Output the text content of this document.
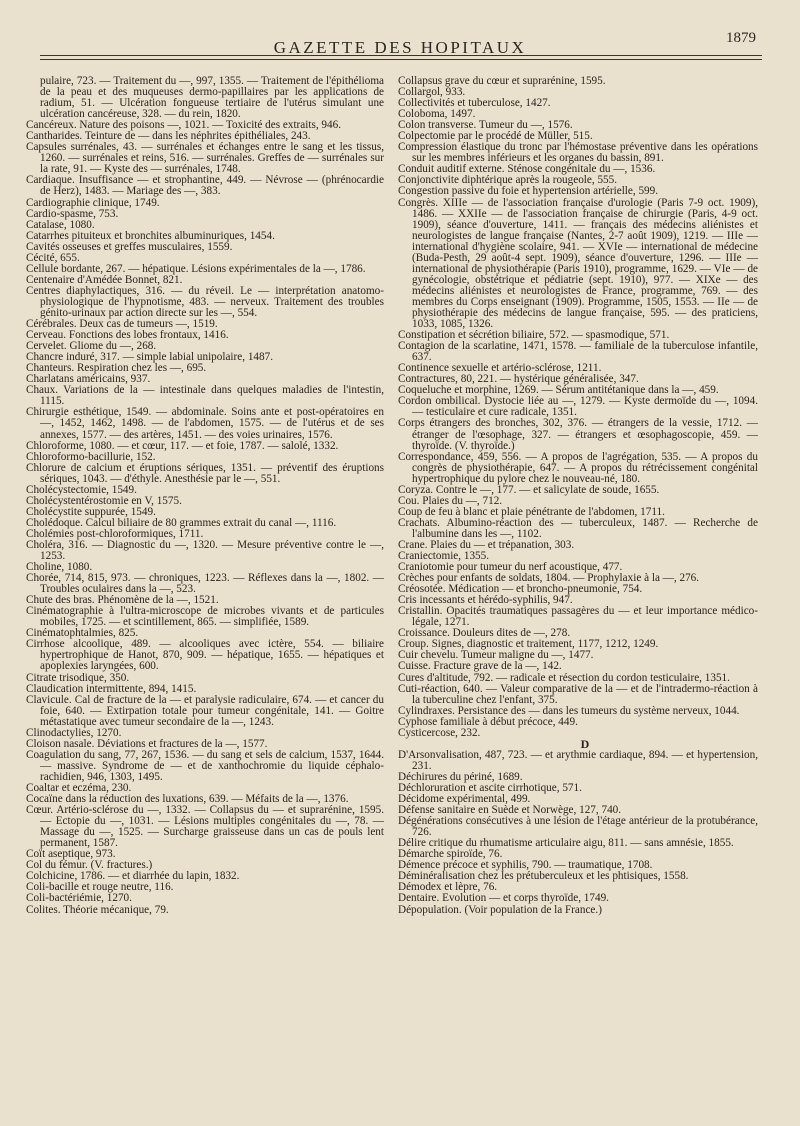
GAZETTE DES HOPITAUX	1879
pulaire, 723. — Traitement du —, 997, 1355. — Traitement de l'épithélioma de la peau et des muqueuses dermo-papillaires par les applications de radium, 51. — Ulcération fongueuse tertiaire de l'utérus simulant une ulcération cancéreuse, 328. — du rein, 1820.
Cancéreux. Nature des poisons —, 1021. — Toxicité des extraits, 946.
Cantharides. Teinture de — dans les néphrites épithéliales, 243.
Capsules surrénales, 43. — surrénales et échanges entre le sang et les tissus, 1260. — surrénales et reins, 516. — surrénales. Greffes de — surrénales sur la rate, 91. — Kyste des — surrénales, 1748.
Cardiaque. Insuffisance — et strophantine, 449. — Névrose — (phrénocardie de Herz), 1483. — Mariage des —, 383.
Cardiographie clinique, 1749.
Cardio-spasme, 753.
Catalase, 1080.
Catarrhes pituiteux et bronchites albuminuriques, 1454.
Cavités osseuses et greffes musculaires, 1559.
Cécité, 655.
Cellule bordante, 267. — hépatique. Lésions expérimentales de la —, 1786.
Centenaire d'Amédée Bonnet, 821.
Centres diaphylactiques, 316. — du réveil. Le — interprétation anatomo-physiologique de l'hypnotisme, 483. — nerveux. Traitement des troubles génito-urinaux par action directe sur les —, 554.
Cérébrales. Deux cas de tumeurs —, 1519.
Cerveau. Fonctions des lobes frontaux, 1416.
Cervelet. Gliome du —, 268.
Chancre induré, 317. — simple labial unipolaire, 1487.
Chanteurs. Respiration chez les —, 695.
Charlatans américains, 937.
Chaux. Variations de la — intestinale dans quelques maladies de l'intestin, 1115.
Chirurgie esthétique, 1549. — abdominale. Soins ante et post-opératoires en —, 1452, 1462, 1498. — de l'abdomen, 1575. — de l'utérus et de ses annexes, 1577. — des artères, 1451. — des voies urinaires, 1576.
Chloroforme, 1080. — et cœur, 117. — et foie, 1787. — salolé, 1332.
Chloroformo-bacillurie, 152.
Chlorure de calcium et éruptions sériques, 1351. — préventif des éruptions sériques, 1043. — d'éthyle. Anesthésie par le —, 551.
Cholécystectomie, 1549.
Cholécystentérostomie en V, 1575.
Cholécystite suppurée, 1549.
Cholédoque. Calcul biliaire de 80 grammes extrait du canal —, 1116.
Cholémies post-chloroformiques, 1711.
Choléra, 316. — Diagnostic du —, 1320. — Mesure préventive contre le —, 1253.
Choline, 1080.
Chorée, 714, 815, 973. — chroniques, 1223. — Réflexes dans la —, 1802. — Troubles oculaires dans la —, 523.
Chute des bras. Phénomène de la —, 1521.
Cinématographie à l'ultra-microscope de microbes vivants et de particules mobiles, 1725. — et scintillement, 865. — simplifiée, 1589.
Cinématophtalmies, 825.
Cirrhose alcoolique, 489. — alcooliques avec ictère, 554. — biliaire hypertrophique de Hanot, 870, 909. — hépatique, 1655. — hépatiques et apoplexies laryngées, 600.
Citrate trisodique, 350.
Claudication intermittente, 894, 1415.
Clavicule. Cal de fracture de la — et paralysie radiculaire, 674. — et cancer du foie, 640. — Extirpation totale pour tumeur congénitale, 141. — Goitre métastatique avec tumeur secondaire de la —, 1243.
Clinodactylies, 1270.
Cloison nasale. Déviations et fractures de la —, 1577.
Coagulation du sang, 77, 267, 1536. — du sang et sels de calcium, 1537, 1644. — massive. Syndrome de — et de xanthochromie du liquide céphalo-rachidien, 946, 1303, 1495.
Coaltar et eczéma, 230.
Cocaïne dans la réduction des luxations, 639. — Méfaits de la —, 1376.
Cœur. Artério-sclérose du —, 1332. — Collapsus du — et suprarénine, 1595. — Ectopie du —, 1031. — Lésions multiples congénitales du —, 78. — Massage du —, 1525. — Surcharge graisseuse dans un cas de pouls lent permanent, 1587.
Coït aseptique, 973.
Col du fémur. (V. fractures.)
Colchicine, 1786. — et diarrhée du lapin, 1832.
Coli-bacille et rouge neutre, 116.
Coli-bactériémie, 1270.
Colites. Théorie mécanique, 79.
Collapsus grave du cœur et suprarénine, 1595.
Collargol, 933.
Collectivités et tuberculose, 1427.
Coloboma, 1497.
Colon transverse. Tumeur du —, 1576.
Colpectomie par le procédé de Müller, 515.
Compression élastique du tronc par l'hémostase préventive dans les opérations sur les membres inférieurs et les organes du bassin, 891.
Conduit auditif externe. Sténose congénitale du —, 1536.
Conjonctivite diphtérique après la rougeole, 555.
Congestion passive du foie et hypertension artérielle, 599.
Congrès. XIIIe — de l'association française d'urologie (Paris 7-9 oct. 1909), 1486. — XXIIe — de l'association française de chirurgie (Paris, 4-9 oct. 1909), séance d'ouverture, 1411. — français des médecins aliénistes et neurologistes de langue française (Nantes, 2-7 août 1909), 1219. — IIIe — international d'hygiène scolaire, 941. — XVIe — international de médecine (Buda-Pesth, 29 août-4 sept. 1909), séance d'ouverture, 1296. — IIIe — international de physiothérapie (Paris 1910), programme, 1629. — VIe — de gynécologie, obstétrique et pédiatrie (sept. 1910), 977. — XIXe — des médecins aliénistes et neurologistes de France, programme, 769. — des membres du Corps enseignant (1909). Programme, 1505, 1553. — IIe — de physiothérapie des médecins de langue française, 595. — des praticiens, 1033, 1085, 1326.
Constipation et sécrétion biliaire, 572. — spasmodique, 571.
Contagion de la scarlatine, 1471, 1578. — familiale de la tuberculose infantile, 637.
Continence sexuelle et artério-sclérose, 1211.
Contractures, 80, 221. — hystérique généralisée, 347.
Coqueluche et morphine, 1269. — Sérum antitétanique dans la —, 459.
Cordon ombilical. Dystocie liée au —, 1279. — Kyste dermoïde du —, 1094. — testiculaire et cure radicale, 1351.
Corps étrangers des bronches, 302, 376. — étrangers de la vessie, 1712. — étranger de l'œsophage, 327. — étrangers et œsophagoscopie, 459. — thyroïde. (V. thyroïde.)
Correspondance, 459, 556. — A propos de l'agrégation, 535. — A propos du congrès de physiothérapie, 647. — A propos du rétrécissement congénital hypertrophique du pylore chez le nouveau-né, 180.
Coryza. Contre le —, 177. — et salicylate de soude, 1655.
Cou. Plaies du —, 712.
Coup de feu à blanc et plaie pénétrante de l'abdomen, 1711.
Crachats. Albumino-réaction des — tuberculeux, 1487. — Recherche de l'albumine dans les —, 1102.
Crane. Plaies du — et trépanation, 303.
Craniectomie, 1355.
Craniotomie pour tumeur du nerf acoustique, 477.
Crèches pour enfants de soldats, 1804. — Prophylaxie à la —, 276.
Créosotée. Médication — et broncho-pneumonie, 754.
Cris incessants et hérédo-syphilis, 947.
Cristallin. Opacités traumatiques passagères du — et leur importance médico-légale, 1271.
Croissance. Douleurs dites de —, 278.
Croup. Signes, diagnostic et traitement, 1177, 1212, 1249.
Cuir chevelu. Tumeur maligne du —, 1477.
Cuisse. Fracture grave de la —, 142.
Cures d'altitude, 792. — radicale et résection du cordon testiculaire, 1351.
Cuti-réaction, 640. — Valeur comparative de la — et de l'intradermo-réaction à la tuberculine chez l'enfant, 375.
Cylindraxes. Persistance des — dans les tumeurs du système nerveux, 1044.
Cyphose familiale à début précoce, 449.
Cysticercose, 232.
D
D'Arsonvalisation, 487, 723. — et arythmie cardiaque, 894. — et hypertension, 231.
Déchirures du périné, 1689.
Déchloruration et ascite cirrhotique, 571.
Décidome expérimental, 499.
Défense sanitaire en Suède et Norwège, 127, 740.
Dégénérations consécutives à une lésion de l'étage antérieur de la protubérance, 726.
Délire critique du rhumatisme articulaire aigu, 811. — sans amnésie, 1855.
Démarche spiroïde, 76.
Démence précoce et syphilis, 790. — traumatique, 1708.
Déminéralisation chez les prétuberculeux et les phtisiques, 1558.
Démodex et lèpre, 76.
Dentaire. Evolution — et corps thyroïde, 1749.
Dépopulation. (Voir population de la France.)
